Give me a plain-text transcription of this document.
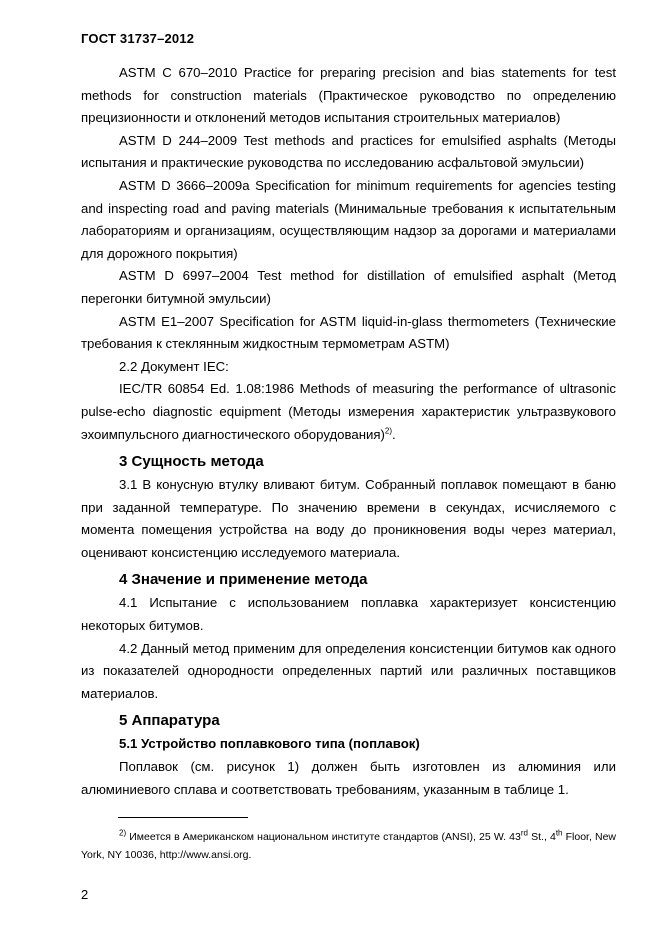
ГОСТ 31737–2012

ASTM C 670–2010 Practice for preparing precision and bias statements for test methods for construction materials (Практическое руководство по определению прецизионности и отклонений методов испытания строительных материалов)

ASTM D 244–2009 Test methods and practices for emulsified asphalts (Методы испытания и практические руководства по исследованию асфальтовой эмульсии)

ASTM D 3666–2009a Specification for minimum requirements for agencies testing and inspecting road and paving materials (Минимальные требования к испытательным лабораториям и организациям, осуществляющим надзор за дорогами и материалами для дорожного покрытия)

ASTM D 6997–2004 Test method for distillation of emulsified asphalt (Метод перегонки битумной эмульсии)

ASTM E1–2007 Specification for ASTM liquid-in-glass thermometers (Технические требования к стеклянным жидкостным термометрам ASTM)

2.2 Документ IEC:

IEC/TR 60854 Ed. 1.08:1986 Methods of measuring the performance of ultrasonic pulse-echo diagnostic equipment (Методы измерения характеристик ультразвукового эхоимпульсного диагностического оборудования)$^{2)}$.

3 Сущность метода

3.1 В конусную втулку вливают битум. Собранный поплавок помещают в баню при заданной температуре. По значению времени в секундах, исчисляемого с момента помещения устройства на воду до проникновения воды через материал, оценивают консистенцию исследуемого материала.

4 Значение и применение метода

4.1 Испытание с использованием поплавка характеризует консистенцию некоторых битумов.

4.2 Данный метод применим для определения консистенции битумов как одного из показателей однородности определенных партий или различных поставщиков материалов.

5 Аппаратура
5.1 Устройство поплавкового типа (поплавок)

Поплавок (см. рисунок 1) должен быть изготовлен из алюминия или алюминиевого сплава и соответствовать требованиям, указанным в таблице 1.

$^{2)}$ Имеется в Американском национальном институте стандартов (ANSI), 25 W. 43rd St., 4th Floor, New York, NY 10036, http://www.ansi.org.
2
